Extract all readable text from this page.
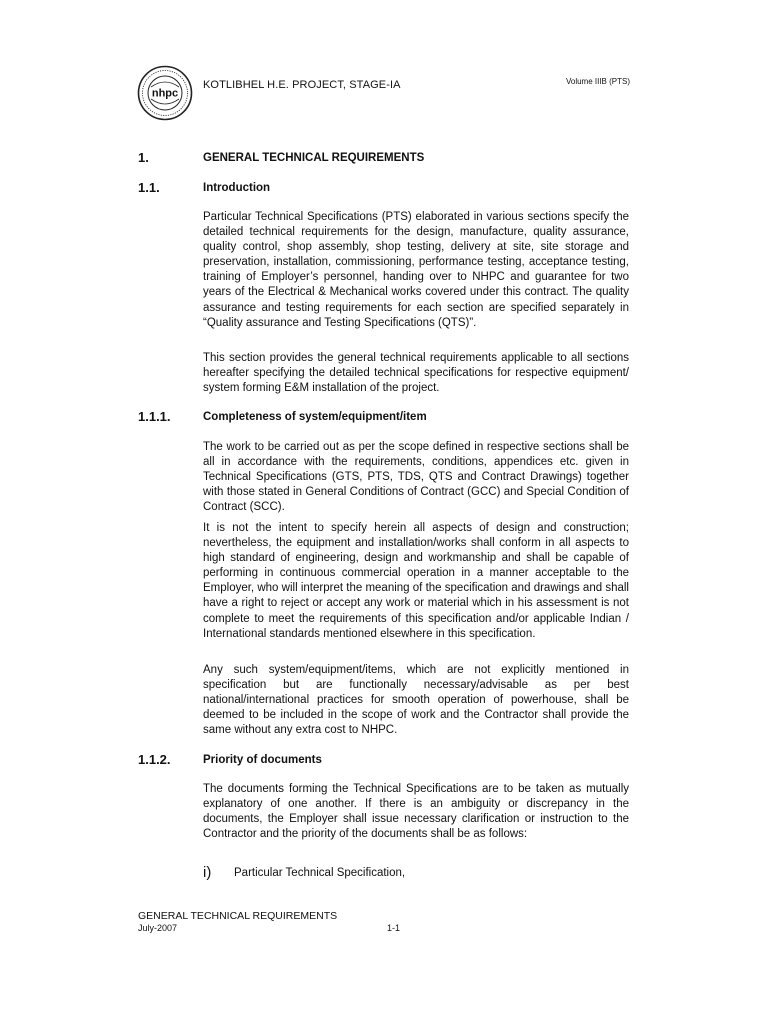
nhpc
KOTLIBHEL H.E. PROJECT, STAGE-IA	Volume IIIB (PTS)
1.	GENERAL TECHNICAL REQUIREMENTS
1.1.	Introduction

Particular Technical Specifications (PTS) elaborated in various sections specify the detailed technical requirements for the design, manufacture, quality assurance, quality control, shop assembly, shop testing, delivery at site, site storage and preservation, installation, commissioning, performance testing, acceptance testing, training of Employer’s personnel, handing over to NHPC and guarantee for two years of the Electrical & Mechanical works covered under this contract. The quality assurance and testing requirements for each section are specified separately in “Quality assurance and Testing Specifications (QTS)”.

This section provides the general technical requirements applicable to all sections hereafter specifying the detailed technical specifications for respective equipment/ system forming E&M installation of the project.

1.1.1.	Completeness of system/equipment/item

The work to be carried out as per the scope defined in respective sections shall be all in accordance with the requirements, conditions, appendices etc. given in Technical Specifications (GTS, PTS, TDS, QTS and Contract Drawings) together with those stated in General Conditions of Contract (GCC) and Special Condition of Contract (SCC).

It is not the intent to specify herein all aspects of design and construction; nevertheless, the equipment and installation/works shall conform in all aspects to high standard of engineering, design and workmanship and shall be capable of performing in continuous commercial operation in a manner acceptable to the Employer, who will interpret the meaning of the specification and drawings and shall have a right to reject or accept any work or material which in his assessment is not complete to meet the requirements of this specification and/or applicable Indian / International standards mentioned elsewhere in this specification.

Any such system/equipment/items, which are not explicitly mentioned in specification but are functionally necessary/advisable as per best national/international practices for smooth operation of powerhouse, shall be deemed to be included in the scope of work and the Contractor shall provide the same without any extra cost to NHPC.

1.1.2.	Priority of documents

The documents forming the Technical Specifications are to be taken as mutually explanatory of one another. If there is an ambiguity or discrepancy in the documents, the Employer shall issue necessary clarification or instruction to the Contractor and the priority of the documents shall be as follows:

i) Particular Technical Specification,
GENERAL TECHNICAL REQUIREMENTS
July-2007	1-1
